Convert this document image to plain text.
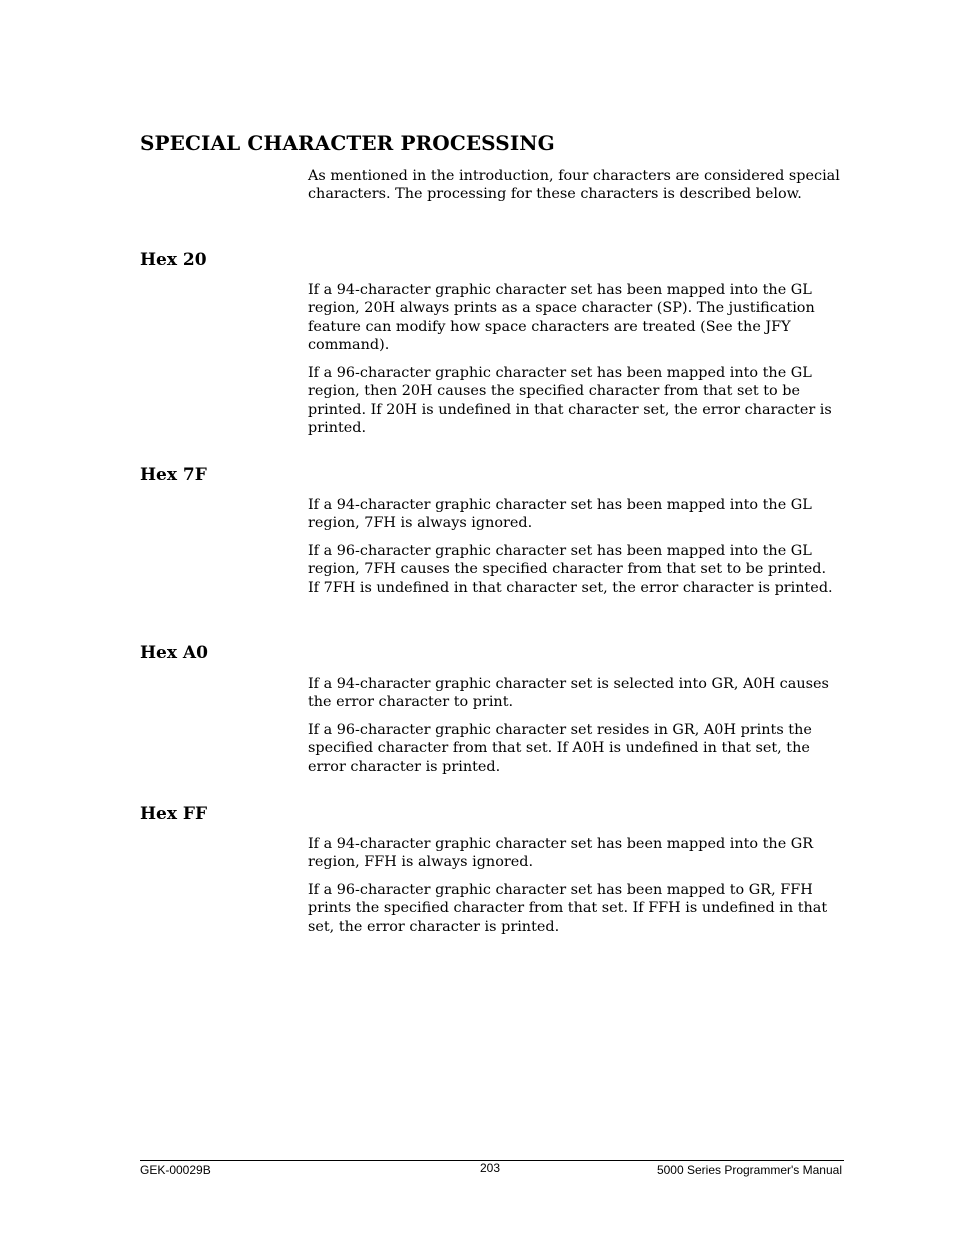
SPECIAL CHARACTER PROCESSING

As mentioned in the introduction, four characters are considered special characters. The processing for these characters is described below.

Hex 20

If a 94-character graphic character set has been mapped into the GL region, 20H always prints as a space character (SP). The justification feature can modify how space characters are treated (See the JFY command).

If a 96-character graphic character set has been mapped into the GL region, then 20H causes the specified character from that set to be printed. If 20H is undefined in that character set, the error character is printed.

Hex 7F

If a 94-character graphic character set has been mapped into the GL region, 7FH is always ignored.

If a 96-character graphic character set has been mapped into the GL region, 7FH causes the specified character from that set to be printed. If 7FH is undefined in that character set, the error character is printed.

Hex A0

If a 94-character graphic character set is selected into GR, A0H causes the error character to print.

If a 96-character graphic character set resides in GR, A0H prints the specified character from that set. If A0H is undefined in that set, the error character is printed.

Hex FF

If a 94-character graphic character set has been mapped into the GR region, FFH is always ignored.

If a 96-character graphic character set has been mapped to GR, FFH prints the specified character from that set. If FFH is undefined in that set, the error character is printed.

GEK-00029B	203	5000 Series Programmer's Manual
